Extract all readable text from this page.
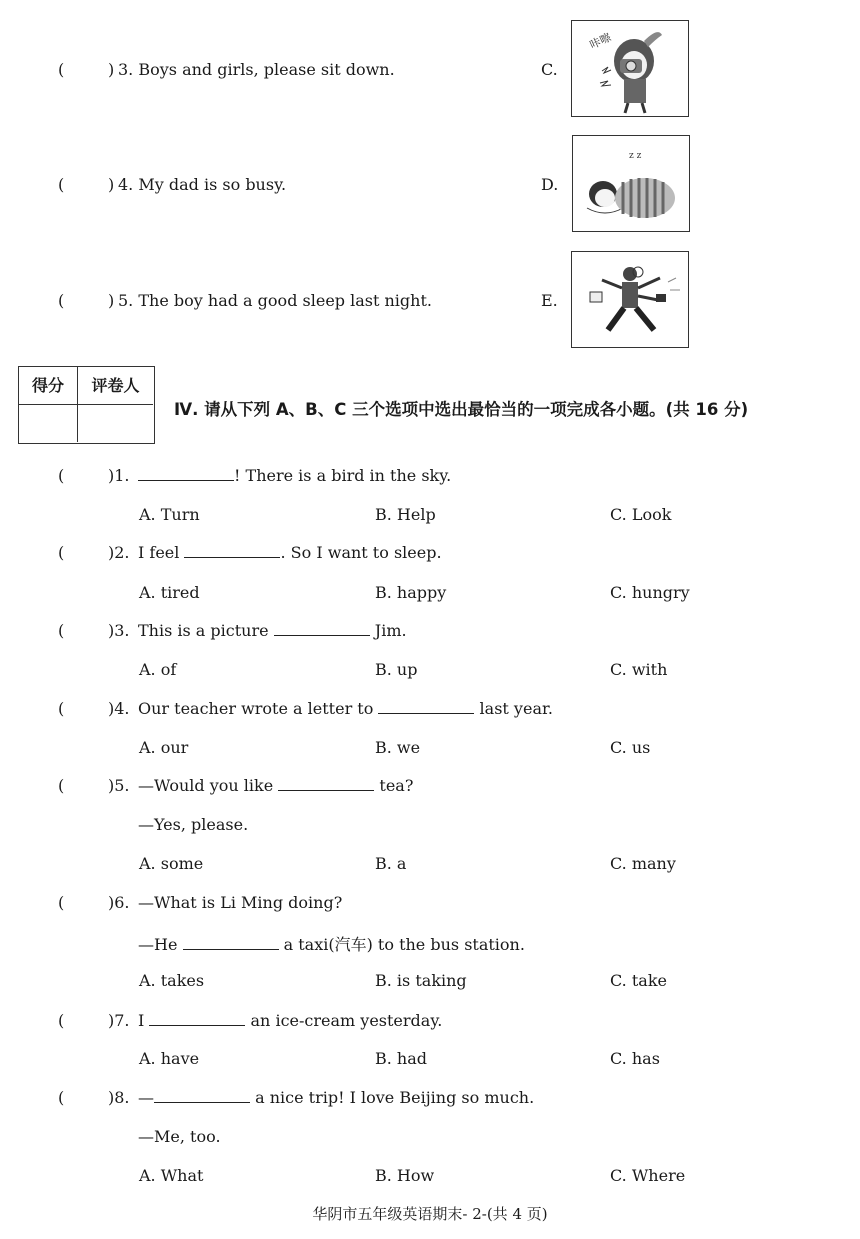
(	) 3. Boys and girls, please sit down.	C.
(	) 4. My dad is so busy.	D.
(	) 5. The boy had a good sleep last night.	E.
咔嚓
z z
得分	评卷人
Ⅳ. 请从下列 A、B、C 三个选项中选出最恰当的一项完成各小题。(共 16 分)
(	)1.	! There is a bird in the sky.
A. Turn	B. Help	C. Look
(	)2. I feel	. So I want to sleep.
A. tired	B. happy	C. hungry
(	)3. This is a picture	Jim.
A. of	B. up	C. with
(	)4. Our teacher wrote a letter to	last year.
A. our	B. we	C. us
(	)5. —Would you like	tea?
—Yes, please.
A. some	B. a	C. many
(	)6. —What is Li Ming doing?
—He	a taxi(汽车) to the bus station.
A. takes	B. is taking	C. take
(	)7. I	an ice-cream yesterday.
A. have	B. had	C. has
(	)8. —	a nice trip! I love Beijing so much.
—Me, too.
A. What	B. How	C. Where
华阴市五年级英语期末- 2-(共 4 页)
